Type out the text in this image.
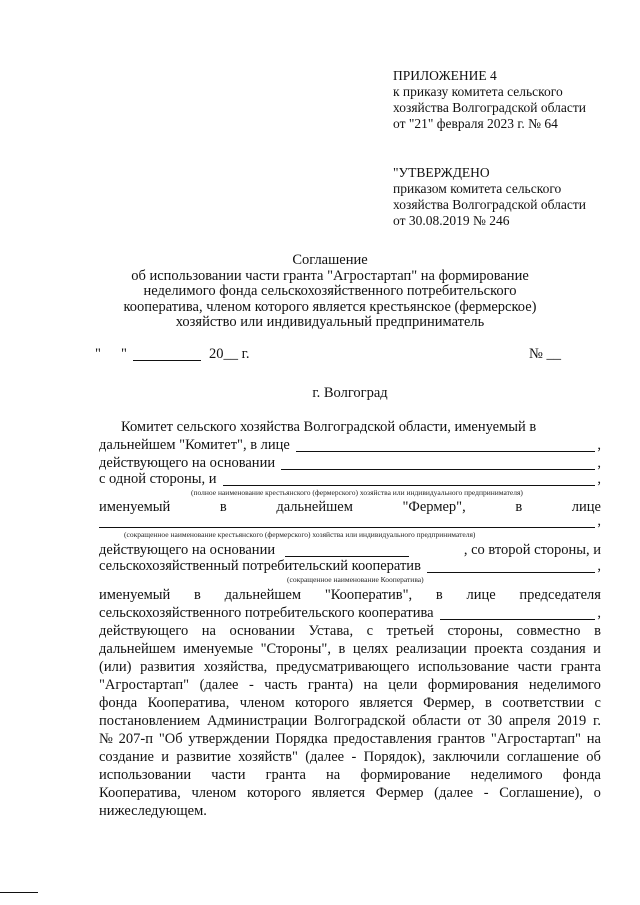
ПРИЛОЖЕНИЕ 4
к приказу комитета сельского
хозяйства Волгоградской области
от "21" февраля 2023 г. № 64
"УТВЕРЖДЕНО
приказом комитета сельского
хозяйства Волгоградской области
от 30.08.2019 № 246
Соглашение
об использовании части гранта "Агростартап" на формирование
неделимого фонда сельскохозяйственного потребительского
кооператива, членом которого является крестьянское (фермерское)
хозяйство или индивидуальный предприниматель
" "	20__ г.	№ __
г. Волгоград
Комитет сельского хозяйства Волгоградской области, именуемый в
дальнейшем "Комитет", в лице	,
действующего на основании	,
с одной стороны, и	,
(полное наименование крестьянского (фермерского) хозяйства или индивидуального предпринимателя)
именуемый	в	дальнейшем	"Фермер",	в	лице
,
(сокращенное наименование крестьянского (фермерского) хозяйства или индивидуального предпринимателя)
действующего на основании	, со второй стороны, и
сельскохозяйственный потребительский кооператив	,
(сокращенное наименование Кооператива)
именуемый в дальнейшем "Кооператив", в лице председателя
сельскохозяйственного потребительского кооператива	,
действующего на основании Устава, с третьей стороны, совместно в
дальнейшем именуемые "Стороны", в целях реализации проекта создания и
(или) развития хозяйства, предусматривающего использование части гранта
"Агростартап" (далее - часть гранта) на цели формирования неделимого
фонда Кооператива, членом которого является Фермер, в соответствии с
постановлением Администрации Волгоградской области от 30 апреля 2019 г.
№ 207-п "Об утверждении Порядка предоставления грантов "Агростартап" на
создание и развитие хозяйств" (далее - Порядок), заключили соглашение об
использовании части гранта на формирование неделимого фонда
Кооператива, членом которого является Фермер (далее - Соглашение), о
нижеследующем.
